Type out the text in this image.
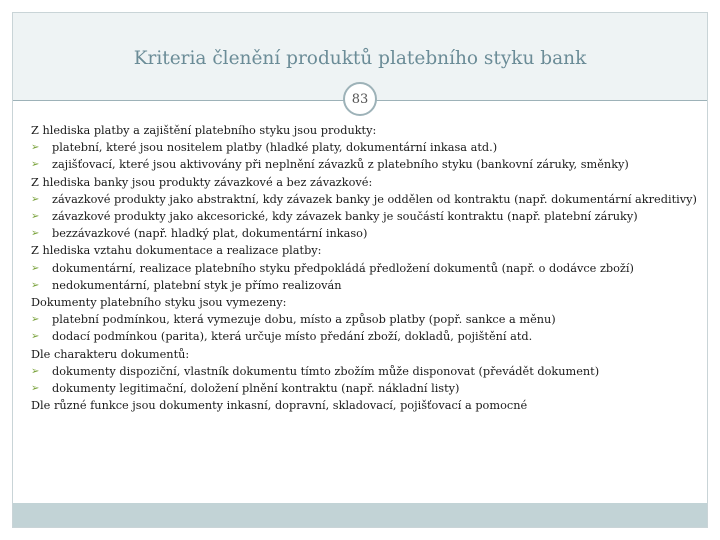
Kriteria členění produktů platebního styku bank
83
Z hlediska platby a zajištění platebního styku jsou produkty:
➢ platební, které jsou nositelem platby (hladké platy, dokumentární inkasa atd.)
➢ zajišťovací, které jsou aktivovány při neplnění závazků z platebního styku (bankovní záruky, směnky)
Z hlediska banky jsou produkty závazkové a bez závazkové:
➢ závazkové produkty jako abstraktní, kdy závazek banky je oddělen od kontraktu (např. dokumentární akreditivy)
➢ závazkové produkty jako akcesorické, kdy závazek banky je součástí kontraktu (např. platební záruky)
➢ bezzávazkové (např. hladký plat, dokumentární inkaso)
Z hlediska vztahu dokumentace a realizace platby:
➢ dokumentární, realizace platebního styku předpokládá předložení dokumentů (např. o dodávce zboží)
➢ nedokumentární, platební styk je přímo realizován
Dokumenty platebního styku jsou vymezeny:
➢ platební podmínkou, která vymezuje dobu, místo a způsob platby (popř. sankce a měnu)
➢ dodací podmínkou (parita), která určuje místo předání zboží, dokladů, pojištění atd.
Dle charakteru dokumentů:
➢ dokumenty dispoziční, vlastník dokumentu tímto zbožím může disponovat (převádět dokument)
➢ dokumenty legitimační, doložení plnění kontraktu (např. nákladní listy)
Dle různé funkce jsou dokumenty inkasní, dopravní, skladovací, pojišťovací a pomocné
